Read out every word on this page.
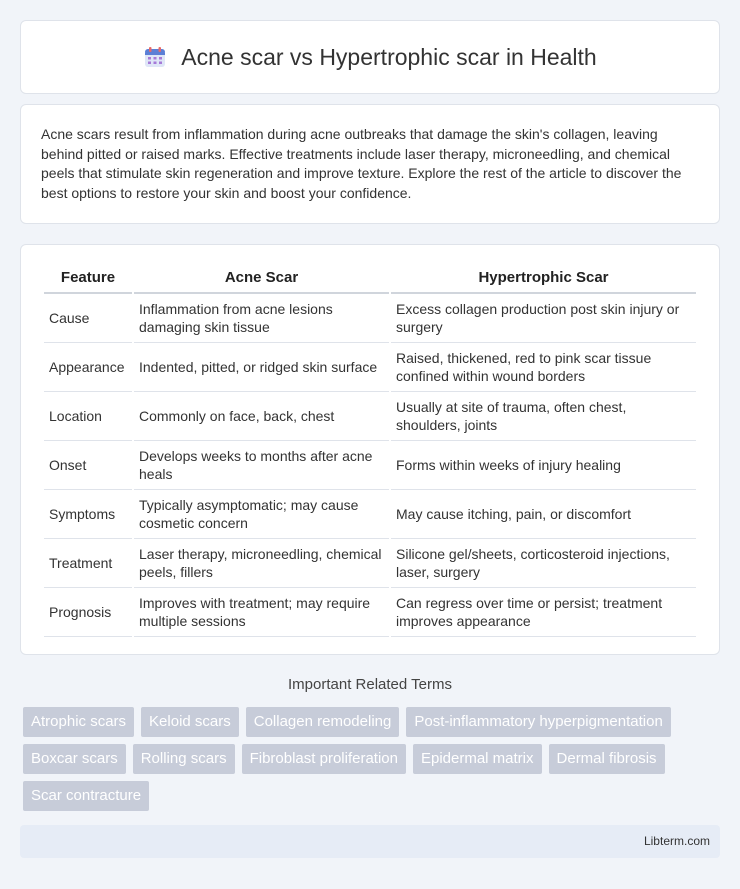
Acne scar vs Hypertrophic scar in Health

Acne scars result from inflammation during acne outbreaks that damage the skin's collagen, leaving behind pitted or raised marks. Effective treatments include laser therapy, microneedling, and chemical peels that stimulate skin regeneration and improve texture. Explore the rest of the article to discover the best options to restore your skin and boost your confidence.

Feature	Acne Scar	Hypertrophic Scar
Cause	Inflammation from acne lesions damaging skin tissue	Excess collagen production post skin injury or surgery
Appearance	Indented, pitted, or ridged skin surface	Raised, thickened, red to pink scar tissue confined within wound borders
Location	Commonly on face, back, chest	Usually at site of trauma, often chest, shoulders, joints
Onset	Develops weeks to months after acne heals	Forms within weeks of injury healing
Symptoms	Typically asymptomatic; may cause cosmetic concern	May cause itching, pain, or discomfort
Treatment	Laser therapy, microneedling, chemical peels, fillers	Silicone gel/sheets, corticosteroid injections, laser, surgery
Prognosis	Improves with treatment; may require multiple sessions	Can regress over time or persist; treatment improves appearance
Important Related Terms
Atrophic scars	Keloid scars	Collagen remodeling	Post-inflammatory hyperpigmentation
Boxcar scars	Rolling scars	Fibroblast proliferation	Epidermal matrix	Dermal fibrosis
Scar contracture
Libterm.com
